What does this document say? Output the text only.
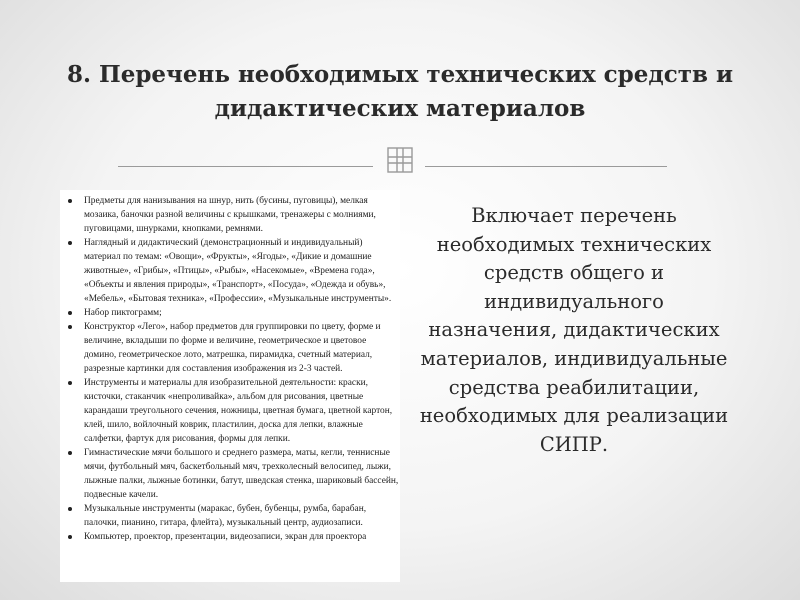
8. Перечень необходимых технических средств и дидактических материалов
Предметы для нанизывания на шнур, нить (бусины, пуговицы), мелкая мозаика, баночки разной величины с крышками, тренажеры с молниями, пуговицами, шнурками, кнопками, ремнями.
Наглядный и дидактический (демонстрационный и индивидуальный) материал по темам: «Овощи», «Фрукты», «Ягоды», «Дикие и домашние животные», «Грибы», «Птицы», «Рыбы», «Насекомые», «Времена года», «Объекты и явления природы», «Транспорт», «Посуда», «Одежда и обувь», «Мебель», «Бытовая техника», «Профессии», «Музыкальные инструменты».
Набор пиктограмм;
Конструктор «Лего», набор предметов для группировки по цвету, форме и величине, вкладыши по форме и величине, геометрическое и цветовое домино, геометрическое лото, матрешка, пирамидка, счетный материал, разрезные картинки для составления изображения из 2-3 частей.
Инструменты и материалы для изобразительной деятельности: краски, кисточки, стаканчик «непроливайка», альбом для рисования, цветные карандаши треугольного сечения, ножницы, цветная бумага, цветной картон, клей, шило, войлочный коврик, пластилин, доска для лепки, влажные салфетки, фартук для рисования, формы для лепки.
Гимнастические мячи большого и среднего размера, маты, кегли, теннисные мячи, футбольный мяч, баскетбольный мяч, трехколесный велосипед, лыжи, лыжные палки, лыжные ботинки, батут, шведская стенка, шариковый бассейн, подвесные качели.
Музыкальные инструменты (маракас, бубен, бубенцы, румба, барабан, палочки, пианино, гитара, флейта), музыкальный центр, аудиозаписи.
Компьютер, проектор, презентации, видеозаписи, экран для проектора

Включает перечень необходимых технических средств общего и индивидуального назначения, дидактических материалов, индивидуальные средства реабилитации, необходимых для реализации СИПР.
